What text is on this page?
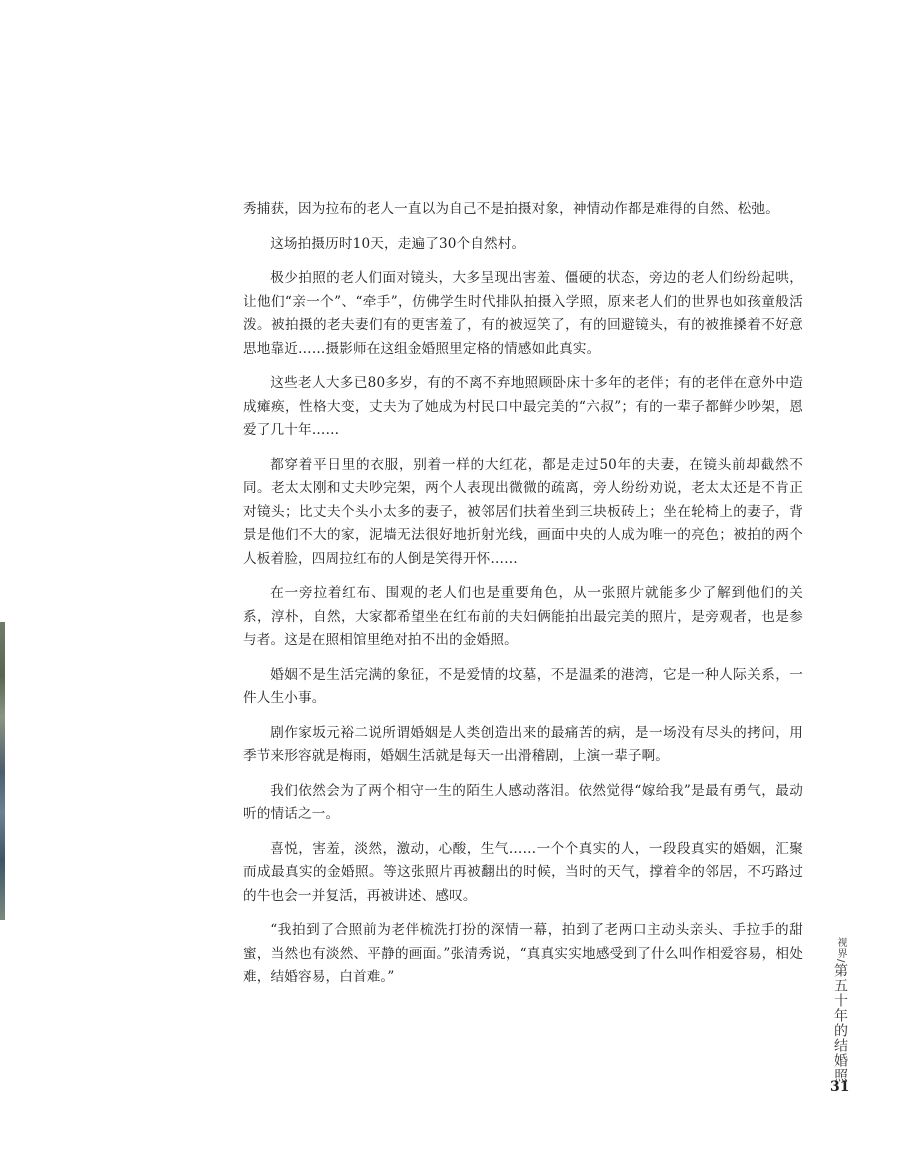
秀捕获，因为拉布的老人一直以为自己不是拍摄对象，神情动作都是难得的自然、松弛。

这场拍摄历时10天，走遍了30个自然村。

极少拍照的老人们面对镜头，大多呈现出害羞、僵硬的状态，旁边的老人们纷纷起哄，让他们“亲一个”、“牵手”，仿佛学生时代排队拍摄入学照，原来老人们的世界也如孩童般活泼。被拍摄的老夫妻们有的更害羞了，有的被逗笑了，有的回避镜头，有的被推搡着不好意思地靠近……摄影师在这组金婚照里定格的情感如此真实。

这些老人大多已80多岁，有的不离不弃地照顾卧床十多年的老伴；有的老伴在意外中造成瘫痪，性格大变，丈夫为了她成为村民口中最完美的“六叔”；有的一辈子都鲜少吵架，恩爱了几十年……

都穿着平日里的衣服，别着一样的大红花，都是走过50年的夫妻，在镜头前却截然不同。老太太刚和丈夫吵完架，两个人表现出微微的疏离，旁人纷纷劝说，老太太还是不肯正对镜头；比丈夫个头小太多的妻子，被邻居们扶着坐到三块板砖上；坐在轮椅上的妻子，背景是他们不大的家，泥墙无法很好地折射光线，画面中央的人成为唯一的亮色；被拍的两个人板着脸，四周拉红布的人倒是笑得开怀……

在一旁拉着红布、围观的老人们也是重要角色，从一张照片就能多少了解到他们的关系，淳朴，自然，大家都希望坐在红布前的夫妇俩能拍出最完美的照片，是旁观者，也是参与者。这是在照相馆里绝对拍不出的金婚照。

婚姻不是生活完满的象征，不是爱情的坟墓，不是温柔的港湾，它是一种人际关系，一件人生小事。

剧作家坂元裕二说所谓婚姻是人类创造出来的最痛苦的病，是一场没有尽头的拷问，用季节来形容就是梅雨，婚姻生活就是每天一出滑稽剧，上演一辈子啊。

我们依然会为了两个相守一生的陌生人感动落泪。依然觉得“嫁给我”是最有勇气，最动听的情话之一。

喜悦，害羞，淡然，激动，心酸，生气……一个个真实的人，一段段真实的婚姻，汇聚而成最真实的金婚照。等这张照片再被翻出的时候，当时的天气，撑着伞的邻居，不巧路过的牛也会一并复活，再被讲述、感叹。

“我拍到了合照前为老伴梳洗打扮的深情一幕，拍到了老两口主动头亲头、手拉手的甜蜜，当然也有淡然、平静的画面。”张清秀说，“真真实实地感受到了什么叫作相爱容易，相处难，结婚容易，白首难。”

视界/第五十年的结婚照
31
